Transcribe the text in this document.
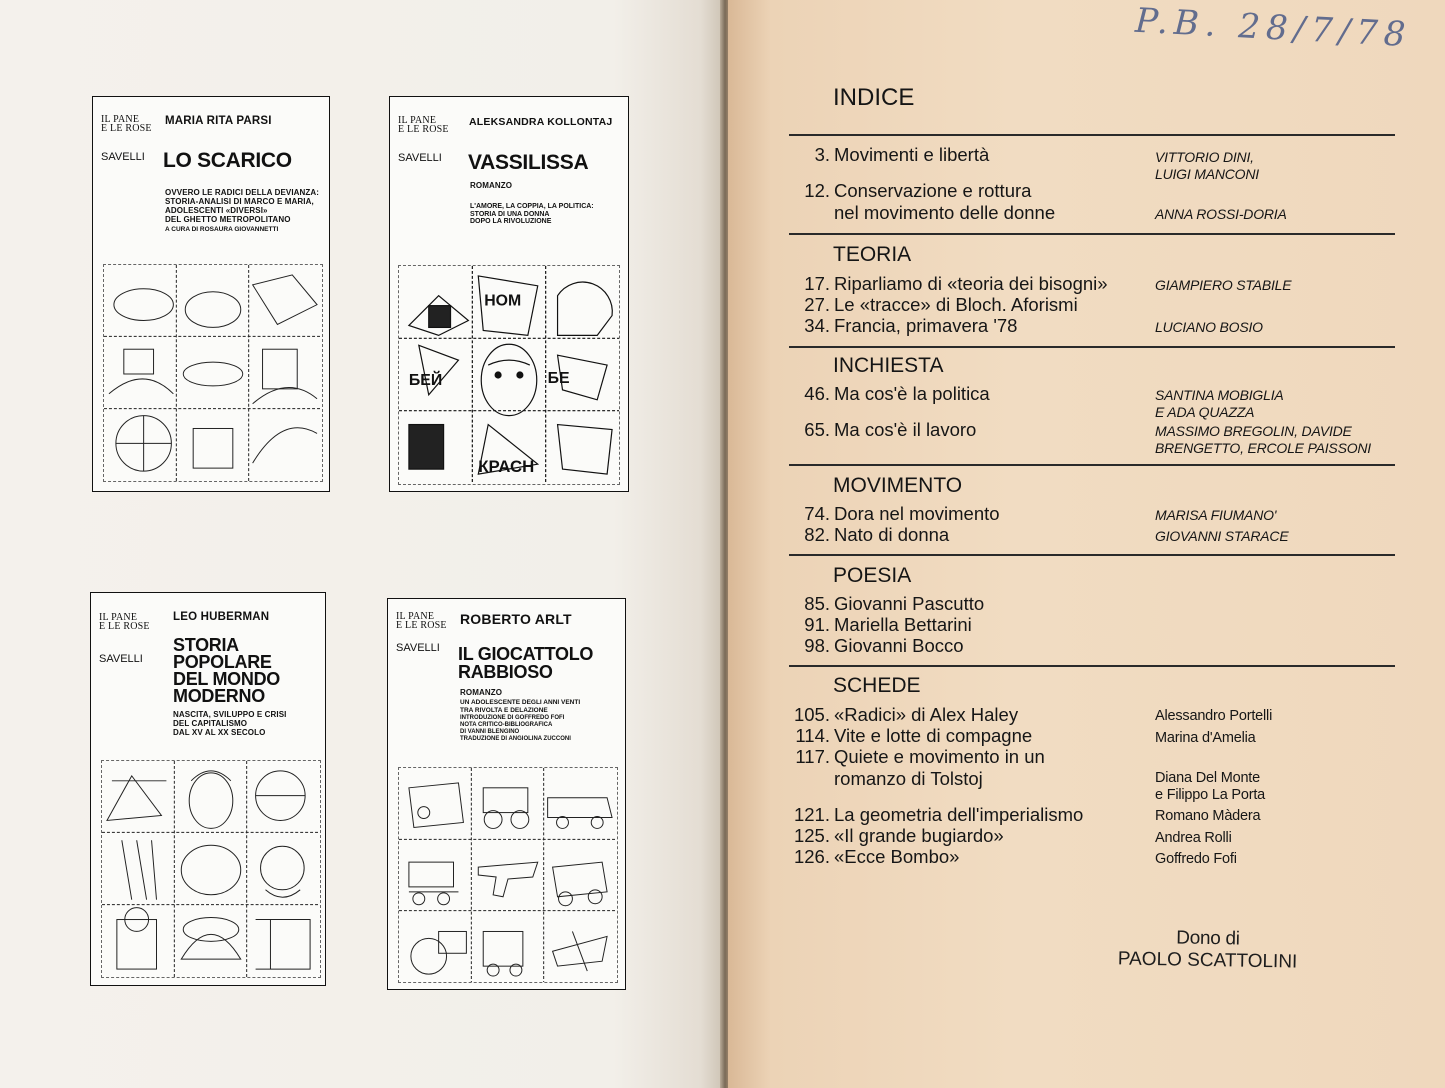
IL PANE
E LE ROSE
MARIA RITA PARSI
SAVELLI LO SCARICO
OVVERO LE RADICI DELLA DEVIANZA:
STORIA-ANALISI DI MARCO E MARIA,
ADOLESCENTI «DIVERSI»
DEL GHETTO METROPOLITANO
A CURA DI ROSAURA GIOVANNETTI
IL PANE
E LE ROSE
ALEKSANDRA KOLLONTAJ
SAVELLI VASSILISSA
ROMANZO
L'AMORE, LA COPPIA, LA POLITICA:
STORIA DI UNA DONNA
DOPO LA RIVOLUZIONE
НОМ
БЕЙ	БЕ
КРАСН
IL PANE
E LE ROSE
LEO HUBERMAN
SAVELLI
STORIA
POPOLARE
DEL MONDO
MODERNO
NASCITA, SVILUPPO E CRISI
DEL CAPITALISMO
DAL XV AL XX SECOLO
IL PANE
E LE ROSE ROBERTO ARLT
SAVELLI IL GIOCATTOLO
RABBIOSO
ROMANZO
UN ADOLESCENTE DEGLI ANNI VENTI
TRA RIVOLTA E DELAZIONE
INTRODUZIONE DI GOFFREDO FOFI
NOTA CRITICO-BIBLIOGRAFICA
DI VANNI BLENGINO
TRADUZIONE DI ANGIOLINA ZUCCONI
P.B. 28/7/78
INDICE
3. Movimenti e libertà	VITTORIO DINI,
LUIGI MANCONI
12. Conservazione e rottura
nel movimento delle donne	ANNA ROSSI-DORIA
TEORIA
17. Riparliamo di «teoria dei bisogni»	GIAMPIERO STABILE
27. Le «tracce» di Bloch. Aforismi
34. Francia, primavera '78	LUCIANO BOSIO
INCHIESTA
46. Ma cos'è la politica	SANTINA MOBIGLIA
E ADA QUAZZA
65. Ma cos'è il lavoro	MASSIMO BREGOLIN, DAVIDE
BRENGETTO, ERCOLE PAISSONI
MOVIMENTO
74. Dora nel movimento	MARISA FIUMANO'
82. Nato di donna	GIOVANNI STARACE
POESIA
85. Giovanni Pascutto
91. Mariella Bettarini
98. Giovanni Bocco
SCHEDE
105. «Radici» di Alex Haley	Alessandro Portelli
114. Vite e lotte di compagne	Marina d'Amelia
117. Quiete e movimento in un
romanzo di Tolstoj	Diana Del Monte
e Filippo La Porta
121. La geometria dell'imperialismo	Romano Màdera
125. «Il grande bugiardo»	Andrea Rolli
126. «Ecce Bombo»	Goffredo Fofi
Dono di
PAOLO SCATTOLINI
